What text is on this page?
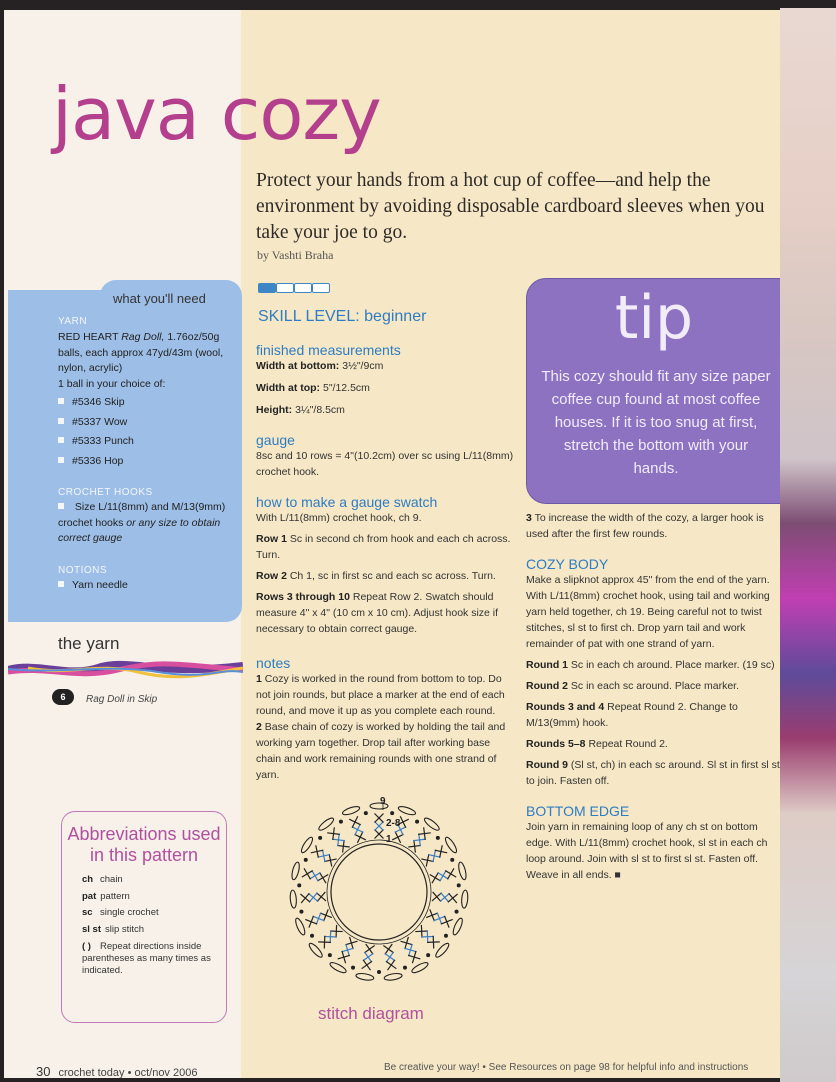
java cozy

Protect your hands from a hot cup of coffee—and help the environment by avoiding disposable cardboard sleeves when you take your joe to go.

by Vashti Braha
what you'll need

YARN

RED HEART Rag Doll, 1.76oz/50g balls, each approx 47yd/43m (wool, nylon, acrylic)

1 ball in your choice of:

#5346 Skip

#5337 Wow

#5333 Punch

#5336 Hop

CROCHET HOOKS

Size L/11(8mm) and M/13(9mm) crochet hooks or any size to obtain correct gauge

NOTIONS

Yarn needle

the yarn
6	Rag Doll in Skip
Abbreviations used in this pattern

ch chain

pat pattern

sc single crochet

sl st slip stitch

( ) Repeat directions inside parentheses as many times as indicated.

SKILL LEVEL: beginner
finished measurements

Width at bottom: 3½"/9cm

Width at top: 5"/12.5cm

Height: 3¼"/8.5cm

gauge

8sc and 10 rows = 4"(10.2cm) over sc using L/11(8mm) crochet hook.

how to make a gauge swatch

With L/11(8mm) crochet hook, ch 9.

Row 1 Sc in second ch from hook and each ch across. Turn.

Row 2 Ch 1, sc in first sc and each sc across. Turn.

Rows 3 through 10 Repeat Row 2. Swatch should measure 4" x 4" (10 cm x 10 cm). Adjust hook size if necessary to obtain correct gauge.

notes

1 Cozy is worked in the round from bottom to top. Do not join rounds, but place a marker at the end of each round, and move it up as you complete each round.

2 Base chain of cozy is worked by holding the tail and working yarn together. Drop tail after working base chain and work remaining rounds with one strand of yarn.

9
2-8
1
stitch diagram
tip

This cozy should fit any size paper coffee cup found at most coffee houses. If it is too snug at first, stretch the bottom with your hands.

3 To increase the width of the cozy, a larger hook is used after the first few rounds.

COZY BODY

Make a slipknot approx 45" from the end of the yarn. With L/11(8mm) crochet hook, using tail and working yarn held together, ch 19. Being careful not to twist stitches, sl st to first ch. Drop yarn tail and work remainder of pat with one strand of yarn.

Round 1 Sc in each ch around. Place marker. (19 sc)

Round 2 Sc in each sc around. Place marker.

Rounds 3 and 4 Repeat Round 2. Change to M/13(9mm) hook.

Rounds 5–8 Repeat Round 2.

Round 9 (Sl st, ch) in each sc around. Sl st in first sl st to join. Fasten off.

BOTTOM EDGE

Join yarn in remaining loop of any ch st on bottom edge. With L/11(8mm) crochet hook, sl st in each ch loop around. Join with sl st to first sl st. Fasten off. Weave in all ends. ■

30 crochet today • oct/nov 2006	Be creative your way! • See Resources on page 98 for helpful info and instructions
